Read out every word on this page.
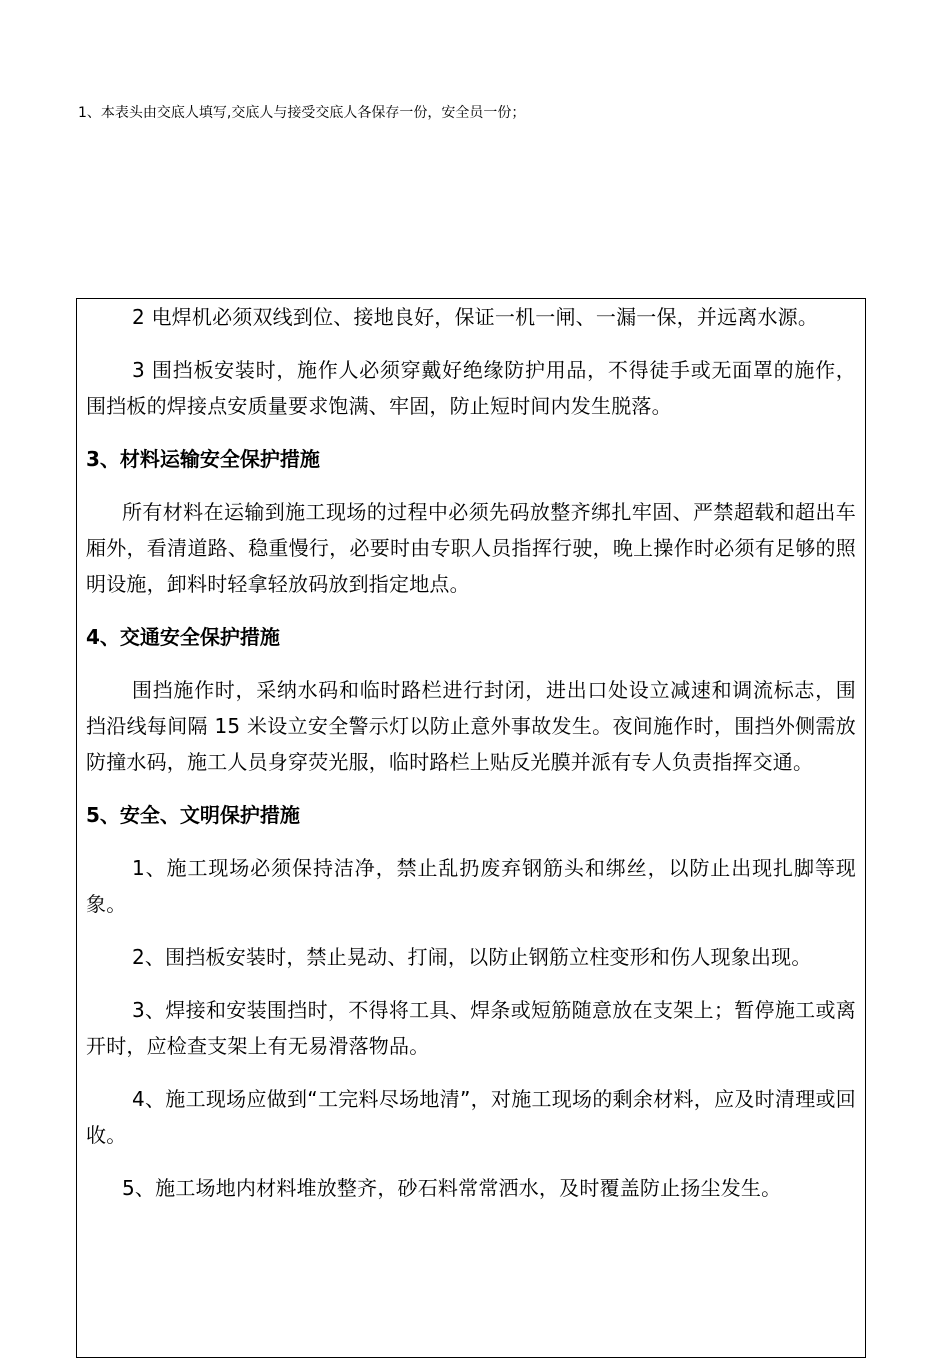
1、本表头由交底人填写,交底人与接受交底人各保存一份，安全员一份；

2 电焊机必须双线到位、接地良好，保证一机一闸、一漏一保，并远离水源。

3 围挡板安装时，施作人必须穿戴好绝缘防护用品，不得徒手或无面罩的施作，围挡板的焊接点安质量要求饱满、牢固，防止短时间内发生脱落。

3、材料运输安全保护措施

所有材料在运输到施工现场的过程中必须先码放整齐绑扎牢固、严禁超载和超出车厢外，看清道路、稳重慢行，必要时由专职人员指挥行驶，晚上操作时必须有足够的照明设施，卸料时轻拿轻放码放到指定地点。

4、交通安全保护措施

围挡施作时，采纳水码和临时路栏进行封闭，进出口处设立减速和调流标志，围挡沿线每间隔 15 米设立安全警示灯以防止意外事故发生。夜间施作时，围挡外侧需放防撞水码，施工人员身穿荧光服，临时路栏上贴反光膜并派有专人负责指挥交通。

5、安全、文明保护措施

1、施工现场必须保持洁净，禁止乱扔废弃钢筋头和绑丝，以防止出现扎脚等现象。

2、围挡板安装时，禁止晃动、打闹，以防止钢筋立柱变形和伤人现象出现。

3、焊接和安装围挡时，不得将工具、焊条或短筋随意放在支架上；暂停施工或离开时，应检查支架上有无易滑落物品。

4、施工现场应做到“工完料尽场地清”，对施工现场的剩余材料，应及时清理或回收。

5、施工场地内材料堆放整齐，砂石料常常洒水，及时覆盖防止扬尘发生。
